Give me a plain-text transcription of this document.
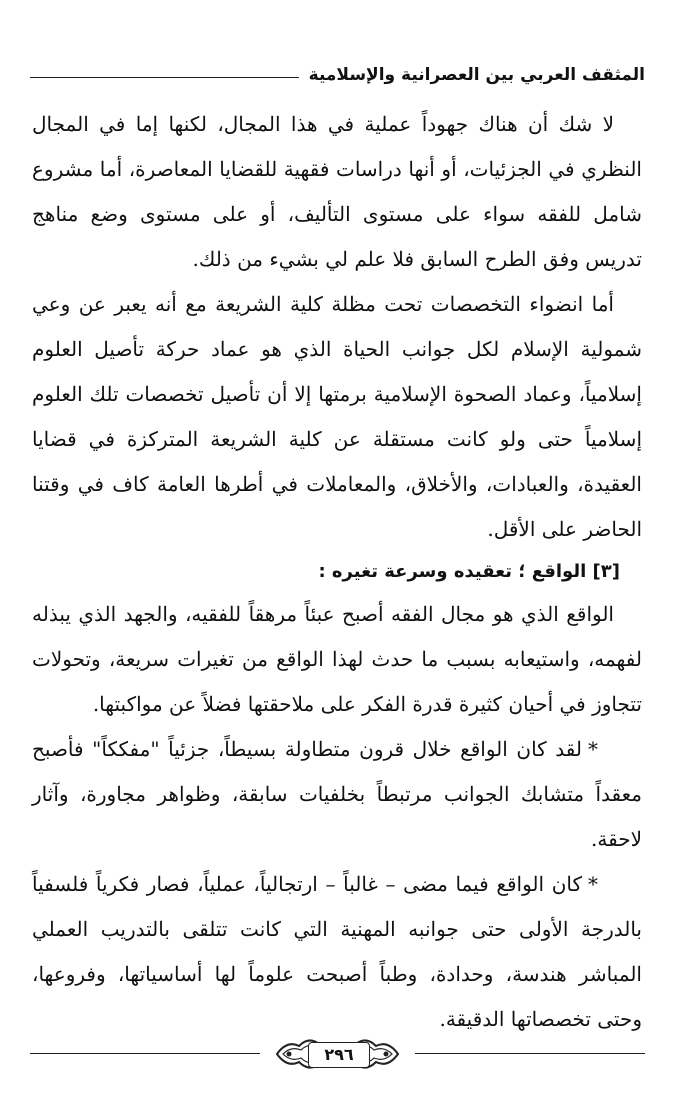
المثقف العربي بين العصرانية والإسلامية

لا شك أن هناك جهوداً عملية في هذا المجال، لكنها إما في المجال النظري في الجزئيات، أو أنها دراسات فقهية للقضايا المعاصرة، أما مشروع شامل للفقه سواء على مستوى التأليف، أو على مستوى وضع مناهج تدريس وفق الطرح السابق فلا علم لي بشيء من ذلك.

أما انضواء التخصصات تحت مظلة كلية الشريعة مع أنه يعبر عن وعي شمولية الإسلام لكل جوانب الحياة الذي هو عماد حركة تأصيل العلوم إسلامياً، وعماد الصحوة الإسلامية برمتها إلا أن تأصيل تخصصات تلك العلوم إسلامياً حتى ولو كانت مستقلة عن كلية الشريعة المتركزة في قضايا العقيدة، والعبادات، والأخلاق، والمعاملات في أطرها العامة كاف في وقتنا الحاضر على الأقل.

[٣] الواقع ؛ تعقيده وسرعة تغيره :

الواقع الذي هو مجال الفقه أصبح عبئاً مرهقاً للفقيه، والجهد الذي يبذله لفهمه، واستيعابه بسبب ما حدث لهذا الواقع من تغيرات سريعة، وتحولات تتجاوز في أحيان كثيرة قدرة الفكر على ملاحقتها فضلاً عن مواكبتها.

*لقد كان الواقع خلال قرون متطاولة بسيطاً، جزئياً "مفككاً" فأصبح معقداً متشابك الجوانب مرتبطاً بخلفيات سابقة، وظواهر مجاورة، وآثار لاحقة.

*كان الواقع فيما مضى – غالباً – ارتجالياً، عملياً، فصار فكرياً فلسفياً بالدرجة الأولى حتى جوانبه المهنية التي كانت تتلقى بالتدريب العملي المباشر هندسة، وحدادة، وطباً أصبحت علوماً لها أساسياتها، وفروعها، وحتى تخصصاتها الدقيقة.

٢٩٦
